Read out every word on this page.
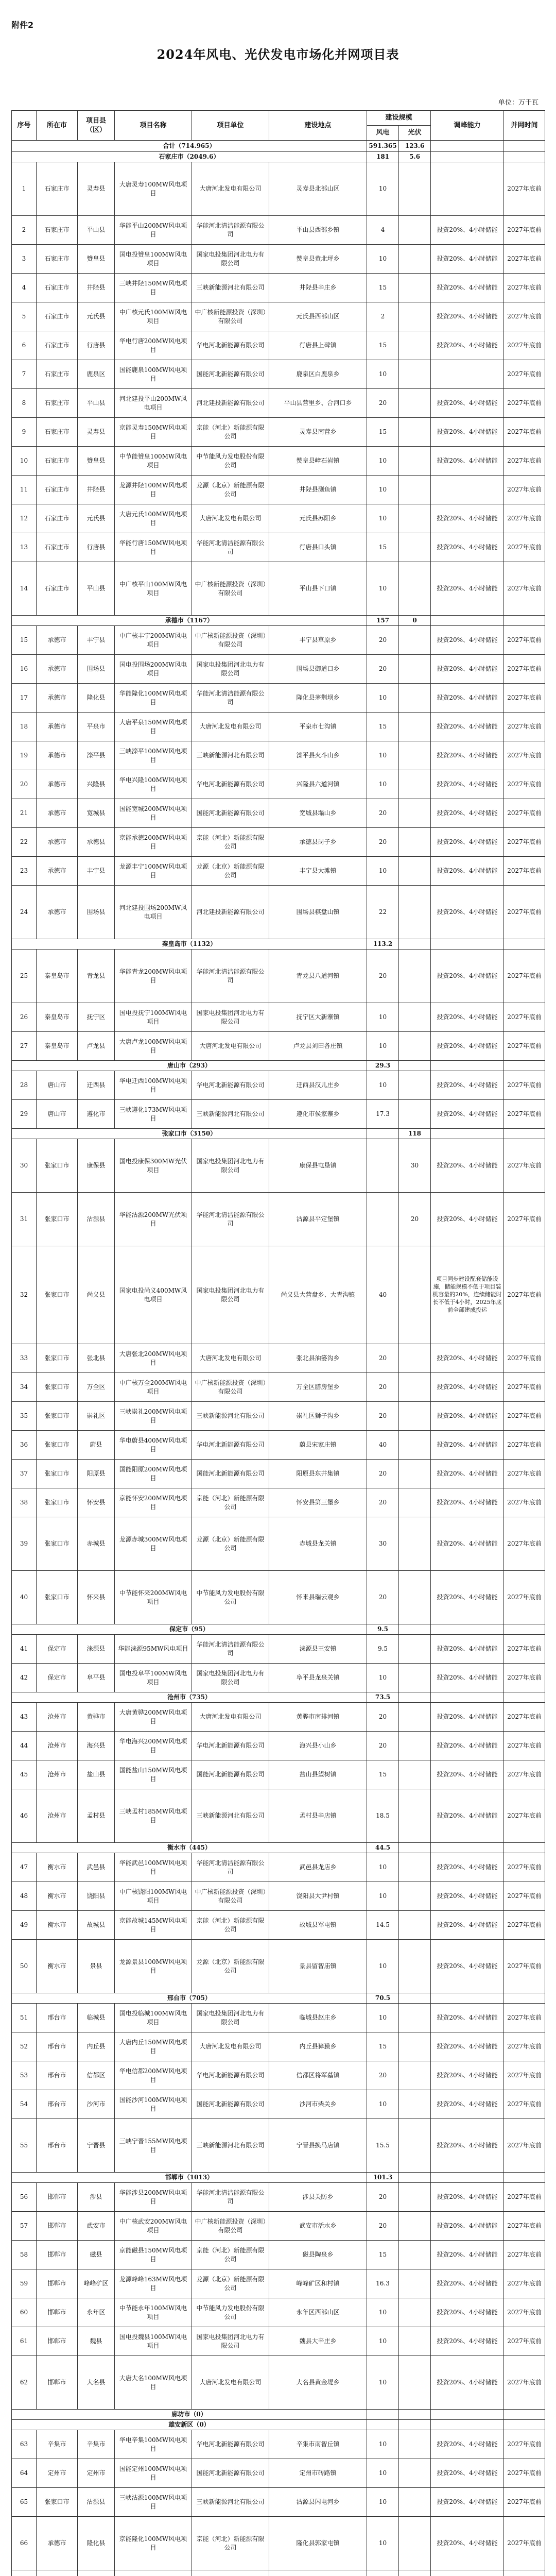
附件2
2024年风电、光伏发电市场化并网项目表
单位：万千瓦
序号	所在市	项目县（区）	项目名称	项目单位	建设地点	建设规模		调峰能力	并网时间
						风电	光伏		
合计（714.965）						591.365	123.6		
石家庄市（2049.6）						181	5.6		
1	石家庄市	灵寿县	大唐灵寿100MW风电项目	大唐河北发电有限公司	灵寿县北部山区	10			2027年底前
2	石家庄市	平山县	华能平山200MW风电项目	华能河北清洁能源有限公司	平山县西部乡镇	4		投资20%、4小时储能	2027年底前
3	石家庄市	赞皇县	国电投赞皇100MW风电项目	国家电投集团河北电力有限公司	赞皇县黄北坪乡	10		投资20%、4小时储能	2027年底前
4	石家庄市	井陉县	三峡井陉150MW风电项目	三峡新能源河北有限公司	井陉县辛庄乡	15		投资20%、4小时储能	2027年底前
5	石家庄市	元氏县	中广核元氏100MW风电项目	中广核新能源投资（深圳）有限公司	元氏县西部山区	2		投资20%、4小时储能	2027年底前
6	石家庄市	行唐县	华电行唐200MW风电项目	华电河北新能源有限公司	行唐县上碑镇	15		投资20%、4小时储能	2027年底前
7	石家庄市	鹿泉区	国能鹿泉100MW风电项目	国能河北新能源有限公司	鹿泉区白鹿泉乡	10			2027年底前
8	石家庄市	平山县	河北建投平山200MW风电项目	河北建投新能源有限公司	平山县营里乡、合河口乡	20		投资20%、4小时储能	2027年底前
9	石家庄市	灵寿县	京能灵寿150MW风电项目	京能（河北）新能源有限公司	灵寿县南营乡	15		投资20%、4小时储能	2027年底前
10	石家庄市	赞皇县	中节能赞皇100MW风电项目	中节能风力发电股份有限公司	赞皇县嶂石岩镇	10		投资20%、4小时储能	2027年底前
11	石家庄市	井陉县	龙源井陉100MW风电项目	龙源（北京）新能源有限公司	井陉县测鱼镇	10			2027年底前
12	石家庄市	元氏县	大唐元氏100MW风电项目	大唐河北发电有限公司	元氏县苏阳乡	10		投资20%、4小时储能	2027年底前
13	石家庄市	行唐县	华能行唐150MW风电项目	华能河北清洁能源有限公司	行唐县口头镇	15		投资20%、4小时储能	2027年底前
14	石家庄市	平山县	中广核平山100MW风电项目	中广核新能源投资（深圳）有限公司	平山县下口镇	10		投资20%、4小时储能	2027年底前
承德市（1167）						157	0		
15	承德市	丰宁县	中广核丰宁200MW风电项目	中广核新能源投资（深圳）有限公司	丰宁县草原乡	20		投资20%、4小时储能	2027年底前
16	承德市	围场县	国电投围场200MW风电项目	国家电投集团河北电力有限公司	围场县御道口乡	20		投资20%、4小时储能	2027年底前
17	承德市	隆化县	华能隆化100MW风电项目	华能河北清洁能源有限公司	隆化县茅荆坝乡	10		投资20%、4小时储能	2027年底前
18	承德市	平泉市	大唐平泉150MW风电项目	大唐河北发电有限公司	平泉市七沟镇	15		投资20%、4小时储能	2027年底前
19	承德市	滦平县	三峡滦平100MW风电项目	三峡新能源河北有限公司	滦平县火斗山乡	10		投资20%、4小时储能	2027年底前
20	承德市	兴隆县	华电兴隆100MW风电项目	华电河北新能源有限公司	兴隆县六道河镇	10		投资20%、4小时储能	2027年底前
21	承德市	宽城县	国能宽城200MW风电项目	国能河北新能源有限公司	宽城县塌山乡	20		投资20%、4小时储能	2027年底前
22	承德市	承德县	京能承德200MW风电项目	京能（河北）新能源有限公司	承德县岗子乡	20		投资20%、4小时储能	2027年底前
23	承德市	丰宁县	龙源丰宁100MW风电项目	龙源（北京）新能源有限公司	丰宁县大滩镇	10		投资20%、4小时储能	2027年底前
24	承德市	围场县	河北建投围场200MW风电项目	河北建投新能源有限公司	围场县棋盘山镇	22		投资20%、4小时储能	2027年底前
秦皇岛市（1132）						113.2			
25	秦皇岛市	青龙县	华能青龙200MW风电项目	华能河北清洁能源有限公司	青龙县八道河镇	20		投资20%、4小时储能	2027年底前
26	秦皇岛市	抚宁区	国电投抚宁100MW风电项目	国家电投集团河北电力有限公司	抚宁区大新寨镇	10		投资20%、4小时储能	2027年底前
27	秦皇岛市	卢龙县	大唐卢龙100MW风电项目	大唐河北发电有限公司	卢龙县刘田各庄镇	10		投资20%、4小时储能	2027年底前
唐山市（293）						29.3			
28	唐山市	迁西县	华电迁西100MW风电项目	华电河北新能源有限公司	迁西县汉儿庄乡	10		投资20%、4小时储能	2027年底前
29	唐山市	遵化市	三峡遵化173MW风电项目	三峡新能源河北有限公司	遵化市侯家寨乡	17.3		投资20%、4小时储能	2027年底前
张家口市（3150）							118		
30	张家口市	康保县	国电投康保300MW光伏项目	国家电投集团河北电力有限公司	康保县屯垦镇		30	投资20%、4小时储能	2027年底前
31	张家口市	沽源县	华能沽源200MW光伏项目	华能河北清洁能源有限公司	沽源县平定堡镇		20	投资20%、4小时储能	2027年底前
32	张家口市	尚义县	国家电投尚义400MW风电项目	国家电投集团河北电力有限公司	尚义县大营盘乡、大青沟镇	40		项目同步建设配套储能设施，储能规模不低于项目装机容量的20%，连续储能时长不低于4小时，2025年底前全部建成投运	2027年底前
33	张家口市	张北县	大唐张北200MW风电项目	大唐河北发电有限公司	张北县油篓沟乡	20		投资20%、4小时储能	2027年底前
34	张家口市	万全区	中广核万全200MW风电项目	中广核新能源投资（深圳）有限公司	万全区膳房堡乡	20		投资20%、4小时储能	2027年底前
35	张家口市	崇礼区	三峡崇礼200MW风电项目	三峡新能源河北有限公司	崇礼区狮子沟乡	20		投资20%、4小时储能	2027年底前
36	张家口市	蔚县	华电蔚县400MW风电项目	华电河北新能源有限公司	蔚县宋家庄镇	40		投资20%、4小时储能	2027年底前
37	张家口市	阳原县	国能阳原200MW风电项目	国能河北新能源有限公司	阳原县东井集镇	20		投资20%、4小时储能	2027年底前
38	张家口市	怀安县	京能怀安200MW风电项目	京能（河北）新能源有限公司	怀安县第三堡乡	20		投资20%、4小时储能	2027年底前
39	张家口市	赤城县	龙源赤城300MW风电项目	龙源（北京）新能源有限公司	赤城县龙关镇	30		投资20%、4小时储能	2027年底前
40	张家口市	怀来县	中节能怀来200MW风电项目	中节能风力发电股份有限公司	怀来县瑞云观乡	20		投资20%、4小时储能	2027年底前
保定市（95）						9.5			
41	保定市	涞源县	华能涞源95MW风电项目	华能河北清洁能源有限公司	涞源县王安镇	9.5		投资20%、4小时储能	2027年底前
42	保定市	阜平县	国电投阜平100MW风电项目	国家电投集团河北电力有限公司	阜平县龙泉关镇	10		投资20%、4小时储能	2027年底前
沧州市（735）						73.5			
43	沧州市	黄骅市	大唐黄骅200MW风电项目	大唐河北发电有限公司	黄骅市南排河镇	20		投资20%、4小时储能	2027年底前
44	沧州市	海兴县	华电海兴200MW风电项目	华电河北新能源有限公司	海兴县小山乡	20		投资20%、4小时储能	2027年底前
45	沧州市	盐山县	国能盐山150MW风电项目	国能河北新能源有限公司	盐山县望树镇	15		投资20%、4小时储能	2027年底前
46	沧州市	孟村县	三峡孟村185MW风电项目	三峡新能源河北有限公司	孟村县辛店镇	18.5		投资20%、4小时储能	2027年底前
衡水市（445）						44.5			
47	衡水市	武邑县	华能武邑100MW风电项目	华能河北清洁能源有限公司	武邑县龙店乡	10		投资20%、4小时储能	2027年底前
48	衡水市	饶阳县	中广核饶阳100MW风电项目	中广核新能源投资（深圳）有限公司	饶阳县大尹村镇	10		投资20%、4小时储能	2027年底前
49	衡水市	故城县	京能故城145MW风电项目	京能（河北）新能源有限公司	故城县军屯镇	14.5		投资20%、4小时储能	2027年底前
50	衡水市	景县	龙源景县100MW风电项目	龙源（北京）新能源有限公司	景县留智庙镇	10		投资20%、4小时储能	2027年底前
邢台市（705）						70.5			
51	邢台市	临城县	国电投临城100MW风电项目	国家电投集团河北电力有限公司	临城县赵庄乡	10		投资20%、4小时储能	2027年底前
52	邢台市	内丘县	大唐内丘150MW风电项目	大唐河北发电有限公司	内丘县獐獏乡	15		投资20%、4小时储能	2027年底前
53	邢台市	信都区	华电信都200MW风电项目	华电河北新能源有限公司	信都区将军墓镇	20		投资20%、4小时储能	2027年底前
54	邢台市	沙河市	国能沙河100MW风电项目	国能河北新能源有限公司	沙河市柴关乡	10		投资20%、4小时储能	2027年底前
55	邢台市	宁晋县	三峡宁晋155MW风电项目	三峡新能源河北有限公司	宁晋县换马店镇	15.5		投资20%、4小时储能	2027年底前
邯郸市（1013）						101.3			
56	邯郸市	涉县	华能涉县200MW风电项目	华能河北清洁能源有限公司	涉县关防乡	20		投资20%、4小时储能	2027年底前
57	邯郸市	武安市	中广核武安200MW风电项目	中广核新能源投资（深圳）有限公司	武安市活水乡	20		投资20%、4小时储能	2027年底前
58	邯郸市	磁县	京能磁县150MW风电项目	京能（河北）新能源有限公司	磁县陶泉乡	15		投资20%、4小时储能	2027年底前
59	邯郸市	峰峰矿区	龙源峰峰163MW风电项目	龙源（北京）新能源有限公司	峰峰矿区和村镇	16.3		投资20%、4小时储能	2027年底前
60	邯郸市	永年区	中节能永年100MW风电项目	中节能风力发电股份有限公司	永年区西部山区	10		投资20%、4小时储能	2027年底前
61	邯郸市	魏县	国电投魏县100MW风电项目	国家电投集团河北电力有限公司	魏县大辛庄乡	10		投资20%、4小时储能	2027年底前
62	邯郸市	大名县	大唐大名100MW风电项目	大唐河北发电有限公司	大名县黄金堤乡	10		投资20%、4小时储能	2027年底前
廊坊市（0）									
雄安新区（0）									
63	辛集市	辛集市	华电辛集100MW风电项目	华电河北新能源有限公司	辛集市南智丘镇	10		投资20%、4小时储能	2027年底前
64	定州市	定州市	国能定州100MW风电项目	国能河北新能源有限公司	定州市砖路镇	10		投资20%、4小时储能	2027年底前
65	张家口市	沽源县	三峡沽源100MW风电项目	三峡新能源河北有限公司	沽源县闪电河乡	10		投资20%、4小时储能	2027年底前
66	承德市	隆化县	京能隆化100MW风电项目	京能（河北）新能源有限公司	隆化县郭家屯镇	10		投资20%、4小时储能	2027年底前
